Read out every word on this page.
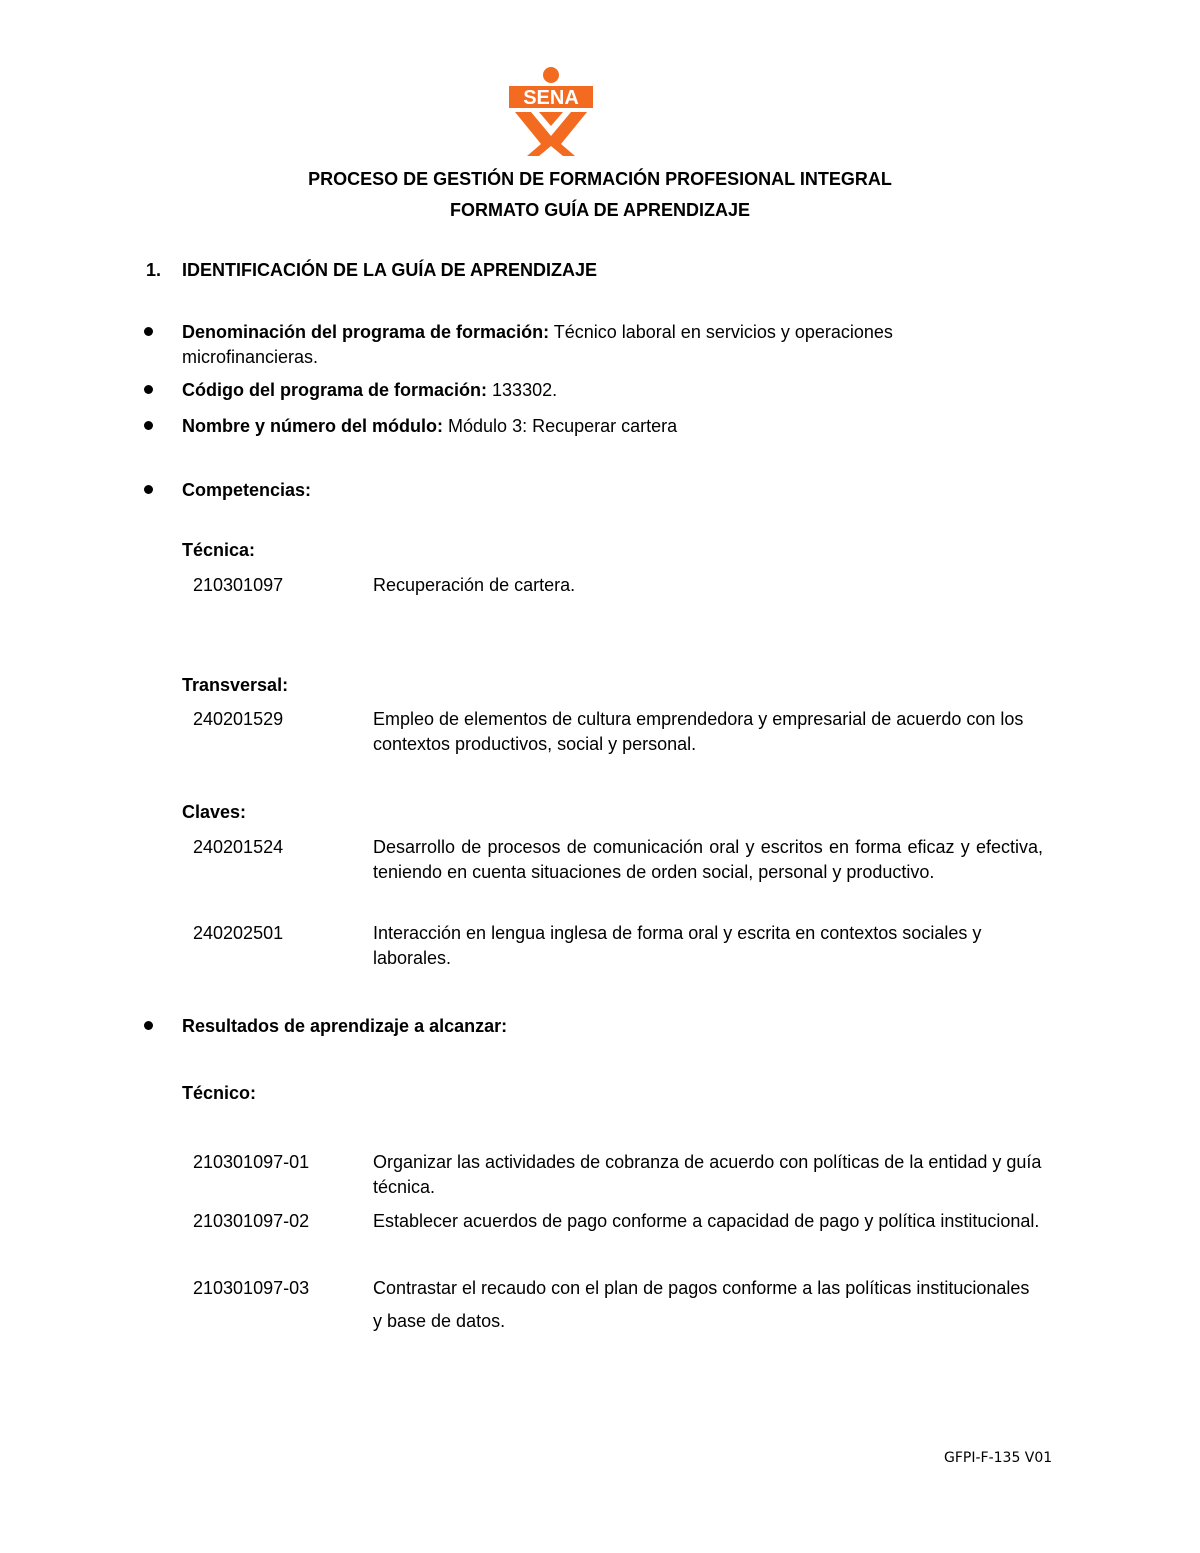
SENA
PROCESO DE GESTIÓN DE FORMACIÓN PROFESIONAL INTEGRAL
FORMATO GUÍA DE APRENDIZAJE
1. IDENTIFICACIÓN DE LA GUÍA DE APRENDIZAJE
Denominación del programa de formación: Técnico laboral en servicios y operaciones microfinancieras.
Código del programa de formación: 133302.
Nombre y número del módulo: Módulo 3: Recuperar cartera
Competencias:
Técnica:
210301097	Recuperación de cartera.
Transversal:
240201529	Empleo de elementos de cultura emprendedora y empresarial de acuerdo con los contextos productivos, social y personal.
Claves:
240201524	Desarrollo de procesos de comunicación oral y escritos en forma eficaz y efectiva, teniendo en cuenta situaciones de orden social, personal y productivo.
240202501	Interacción en lengua inglesa de forma oral y escrita en contextos sociales y laborales.
Resultados de aprendizaje a alcanzar:
Técnico:
210301097-01	Organizar las actividades de cobranza de acuerdo con políticas de la entidad y guía técnica.
210301097-02	Establecer acuerdos de pago conforme a capacidad de pago y política institucional.
210301097-03	Contrastar el recaudo con el plan de pagos conforme a las políticas institucionales y base de datos.
GFPI-F-135 V01
